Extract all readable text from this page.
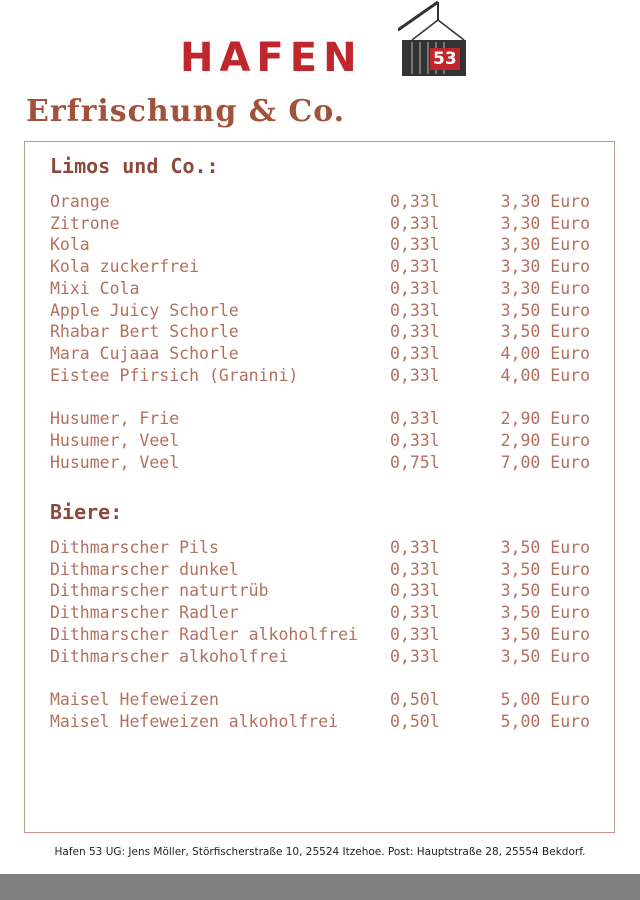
HAFEN	53
Erfrischung & Co.
Limos und Co.:
Orange	0,33l	3,30 Euro
Zitrone	0,33l	3,30 Euro
Kola	0,33l	3,30 Euro
Kola zuckerfrei	0,33l	3,30 Euro
Mixi Cola	0,33l	3,30 Euro
Apple Juicy Schorle	0,33l	3,50 Euro
Rhabar Bert Schorle	0,33l	3,50 Euro
Mara Cujaaa Schorle	0,33l	4,00 Euro
Eistee Pfirsich (Granini)	0,33l	4,00 Euro
Husumer, Frie	0,33l	2,90 Euro
Husumer, Veel	0,33l	2,90 Euro
Husumer, Veel	0,75l	7,00 Euro
Biere:
Dithmarscher Pils	0,33l	3,50 Euro
Dithmarscher dunkel	0,33l	3,50 Euro
Dithmarscher naturtrüb	0,33l	3,50 Euro
Dithmarscher Radler	0,33l	3,50 Euro
Dithmarscher Radler alkoholfrei 0,33l	3,50 Euro
Dithmarscher alkoholfrei	0,33l	3,50 Euro
Maisel Hefeweizen	0,50l	5,00 Euro
Maisel Hefeweizen alkoholfrei	0,50l	5,00 Euro
Hafen 53 UG: Jens Möller, Störfischerstraße 10, 25524 Itzehoe. Post: Hauptstraße 28, 25554 Bekdorf.
